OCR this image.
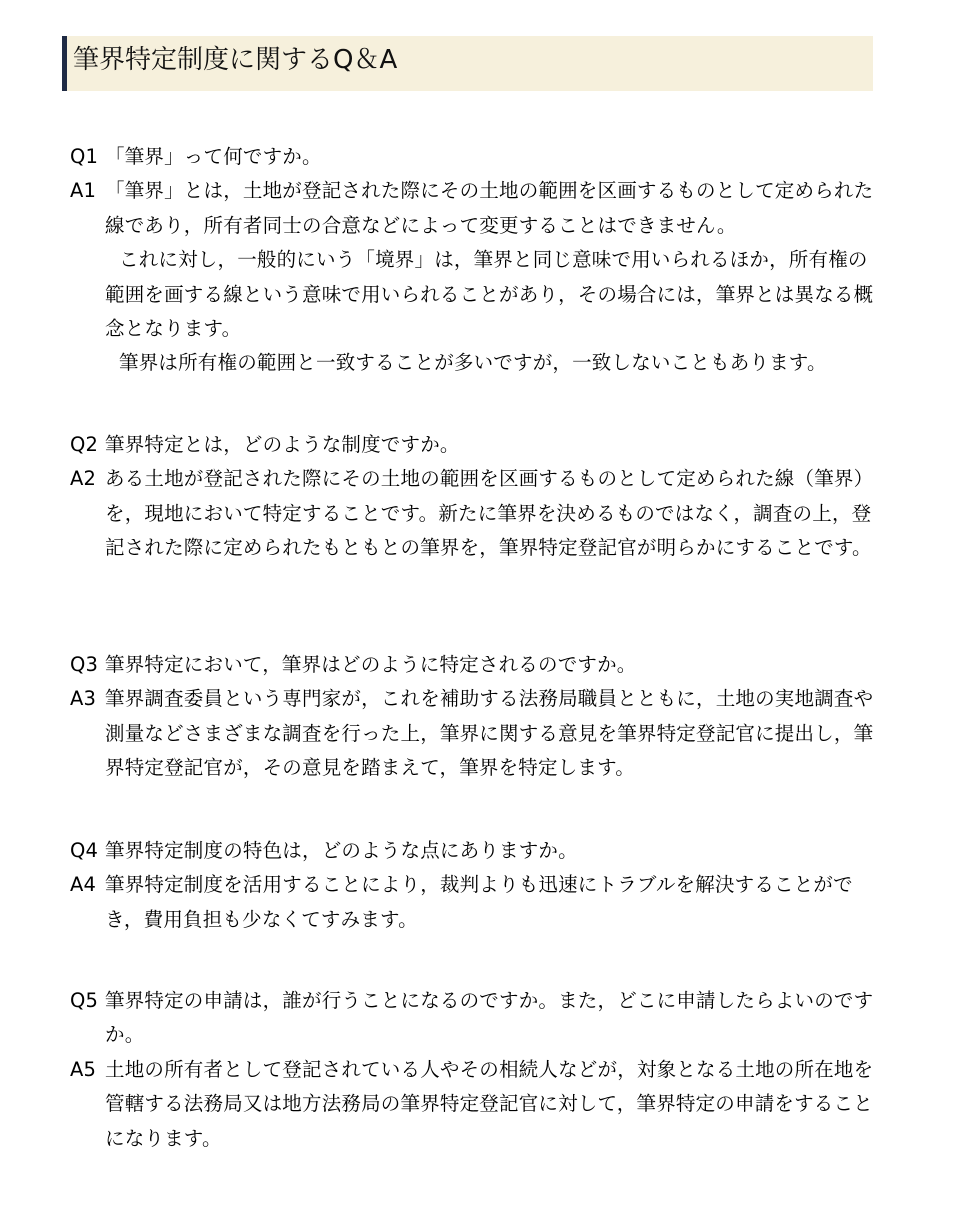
筆界特定制度に関するQ＆A
Q1 「筆界」って何ですか。

A1 「筆界」とは，土地が登記された際にその土地の範囲を区画するものとして定められた線であり，所有者同士の合意などによって変更することはできません。

これに対し，一般的にいう「境界」は，筆界と同じ意味で用いられるほか，所有権の範囲を画する線という意味で用いられることがあり，その場合には，筆界とは異なる概念となります。

筆界は所有権の範囲と一致することが多いですが，一致しないこともあります。

Q2 筆界特定とは，どのような制度ですか。

A2 ある土地が登記された際にその土地の範囲を区画するものとして定められた線（筆界）を，現地において特定することです。新たに筆界を決めるものではなく，調査の上，登記された際に定められたもともとの筆界を，筆界特定登記官が明らかにすることです。

Q3 筆界特定において，筆界はどのように特定されるのですか。

A3 筆界調査委員という専門家が，これを補助する法務局職員とともに，土地の実地調査や測量などさまざまな調査を行った上，筆界に関する意見を筆界特定登記官に提出し，筆界特定登記官が，その意見を踏まえて，筆界を特定します。

Q4 筆界特定制度の特色は，どのような点にありますか。

A4 筆界特定制度を活用することにより，裁判よりも迅速にトラブルを解決することができ，費用負担も少なくてすみます。

Q5 筆界特定の申請は，誰が行うことになるのですか。また，どこに申請したらよいのですか。

A5 土地の所有者として登記されている人やその相続人などが，対象となる土地の所在地を管轄する法務局又は地方法務局の筆界特定登記官に対して，筆界特定の申請をすることになります。
